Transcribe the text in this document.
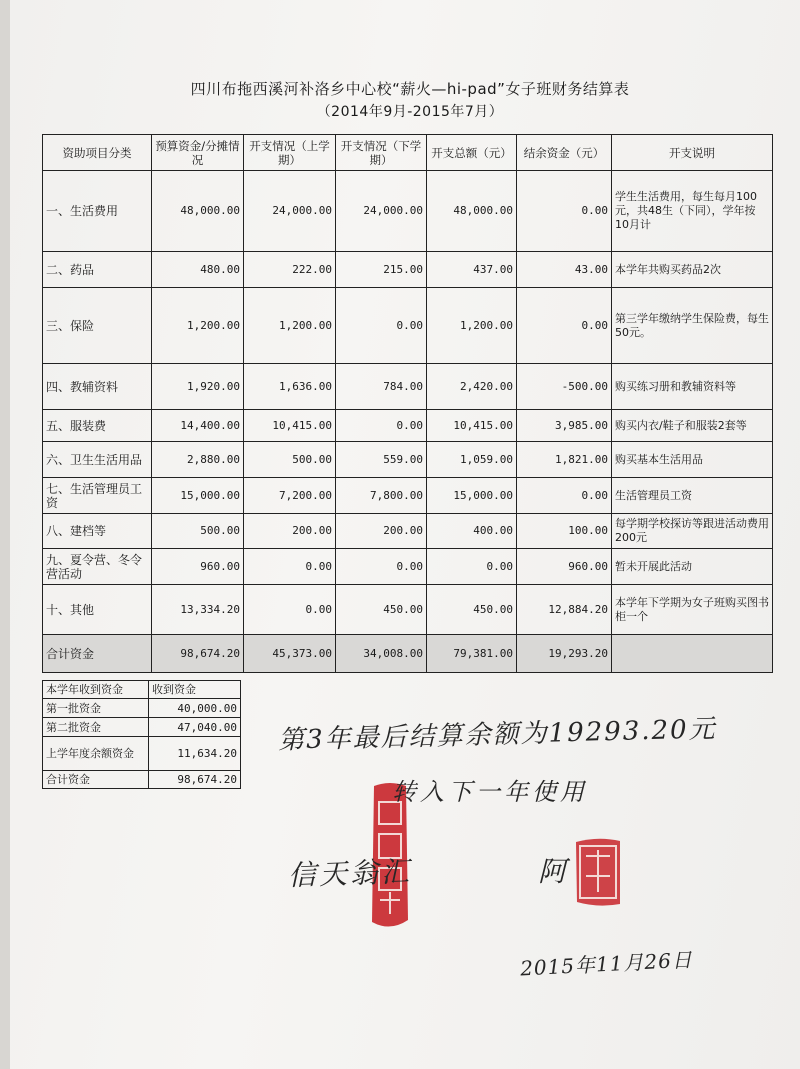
四川布拖西溪河补洛乡中心校“薪火—hi-pad”女子班财务结算表
（2014年9月-2015年7月）
资助项目分类	预算资金/分摊情况	开支情况（上学期）	开支情况（下学期）	开支总额（元）	结余资金（元）	开支说明
一、生活费用	48,000.00	24,000.00	24,000.00	48,000.00	0.00	学生生活费用，每生每月100元，共48生（下同），学年按10月计
二、药品	480.00	222.00	215.00	437.00	43.00	本学年共购买药品2次
三、保险	1,200.00	1,200.00	0.00	1,200.00	0.00	第三学年缴纳学生保险费，每生50元。
四、教辅资料	1,920.00	1,636.00	784.00	2,420.00	-500.00	购买练习册和教辅资料等
五、服装费	14,400.00	10,415.00	0.00	10,415.00	3,985.00	购买内衣/鞋子和服装2套等
六、卫生生活用品	2,880.00	500.00	559.00	1,059.00	1,821.00	购买基本生活用品
七、生活管理员工资	15,000.00	7,200.00	7,800.00	15,000.00	0.00	生活管理员工资
八、建档等	500.00	200.00	200.00	400.00	100.00	每学期学校探访等跟进活动费用200元
九、夏令营、冬令营活动	960.00	0.00	0.00	0.00	960.00	暂未开展此活动
十、其他	13,334.20	0.00	450.00	450.00	12,884.20	本学年下学期为女子班购买图书柜一个
合计资金	98,674.20	45,373.00	34,008.00	79,381.00	19,293.20	
本学年收到资金	收到资金
第一批资金	40,000.00
第二批资金	47,040.00
上学年度余额资金	11,634.20
合计资金	98,674.20
第3年最后结算余额为19293.20元
转入下一年使用
信天翁汇	阿
2015年11月26日
